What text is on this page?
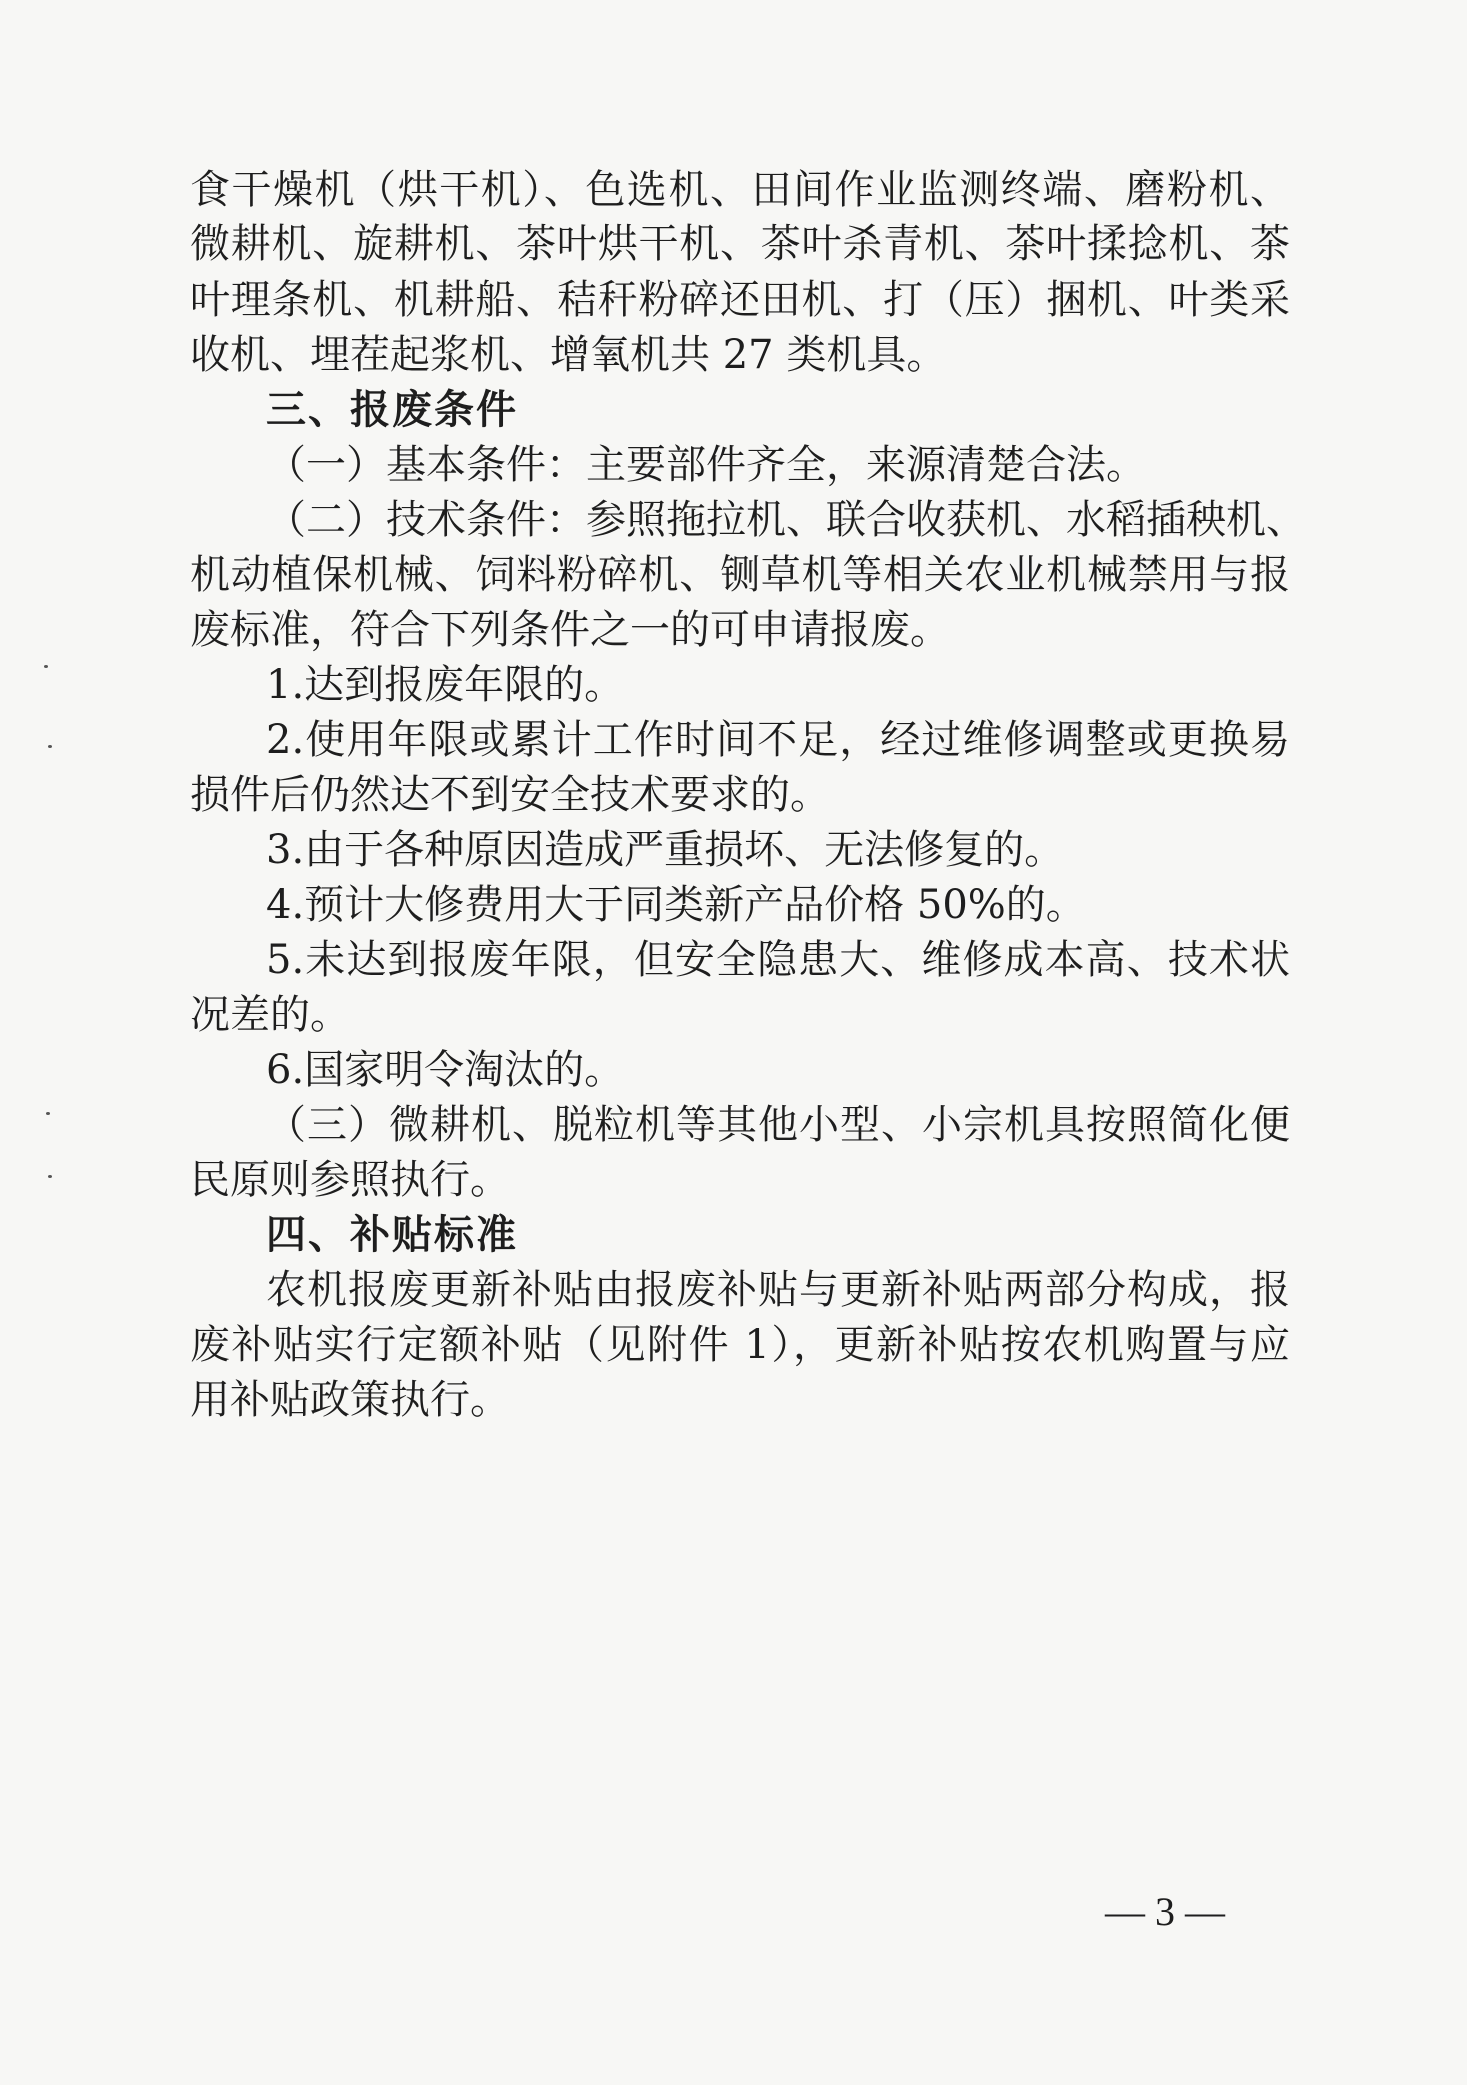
食干燥机（烘干机）、色选机、田间作业监测终端、磨粉机、
微耕机、旋耕机、茶叶烘干机、茶叶杀青机、茶叶揉捻机、茶
叶理条机、机耕船、秸秆粉碎还田机、打（压）捆机、叶类采
收机、埋茬起浆机、增氧机共 27 类机具。
三、报废条件
（一）基本条件：主要部件齐全，来源清楚合法。
（二）技术条件：参照拖拉机、联合收获机、水稻插秧机、
机动植保机械、饲料粉碎机、铡草机等相关农业机械禁用与报
废标准，符合下列条件之一的可申请报废。
1.达到报废年限的。
2.使用年限或累计工作时间不足，经过维修调整或更换易
损件后仍然达不到安全技术要求的。
3.由于各种原因造成严重损坏、无法修复的。
4.预计大修费用大于同类新产品价格 50%的。
5.未达到报废年限，但安全隐患大、维修成本高、技术状
况差的。
6.国家明令淘汰的。
（三）微耕机、脱粒机等其他小型、小宗机具按照简化便
民原则参照执行。
四、补贴标准
农机报废更新补贴由报废补贴与更新补贴两部分构成，报
废补贴实行定额补贴（见附件 1），更新补贴按农机购置与应
用补贴政策执行。
— 3 —
